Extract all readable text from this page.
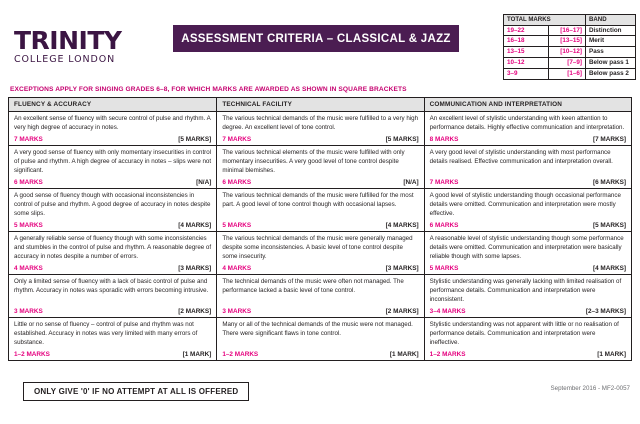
TRINITY
COLLEGE LONDON
ASSESSMENT CRITERIA – CLASSICAL & JAZZ
TOTAL MARKS		BAND
19–22	[16–17]	Distinction
16–18	[13–15]	Merit
13–15	[10–12]	Pass
10–12	[7–9]	Below pass 1
3–9	[1–6]	Below pass 2
EXCEPTIONS APPLY FOR SINGING GRADES 6–8, FOR WHICH MARKS ARE AWARDED AS SHOWN IN SQUARE BRACKETS
FLUENCY & ACCURACY	TECHNICAL FACILITY	COMMUNICATION AND INTERPRETATION
An excellent sense of fluency with secure control of pulse and rhythm. A very high degree of accuracy in notes.
7 MARKS	[5 MARKS]
The various technical demands of the music were fulfilled to a very high degree. An excellent level of tone control.
7 MARKS	[5 MARKS]
An excellent level of stylistic understanding with keen attention to performance details. Highly effective communication and interpretation.
8 MARKS	[7 MARKS]
A very good sense of fluency with only momentary insecurities in control of pulse and rhythm. A high degree of accuracy in notes – slips were not significant.
6 MARKS	[N/A]
The various technical elements of the music were fulfilled with only momentary insecurities. A very good level of tone control despite minimal blemishes.
6 MARKS	[N/A]
A very good level of stylistic understanding with most performance details realised. Effective communication and interpretation overall.
7 MARKS	[6 MARKS]
A good sense of fluency though with occasional inconsistencies in control of pulse and rhythm. A good degree of accuracy in notes despite some slips.
5 MARKS	[4 MARKS]
The various technical demands of the music were fulfilled for the most part. A good level of tone control though with occasional lapses.
5 MARKS	[4 MARKS]
A good level of stylistic understanding though occasional performance details were omitted. Communication and interpretation were mostly effective.
6 MARKS	[5 MARKS]
A generally reliable sense of fluency though with some inconsistencies and stumbles in the control of pulse and rhythm. A reasonable degree of accuracy in notes despite a number of errors.
4 MARKS	[3 MARKS]
The various technical demands of the music were generally managed despite some inconsistencies. A basic level of tone control despite some insecurity.
4 MARKS	[3 MARKS]
A reasonable level of stylistic understanding though some performance details were omitted. Communication and interpretation were basically reliable though with some lapses.
5 MARKS	[4 MARKS]
Only a limited sense of fluency with a lack of basic control of pulse and rhythm. Accuracy in notes was sporadic with errors becoming intrusive.
3 MARKS	[2 MARKS]
The technical demands of the music were often not managed. The performance lacked a basic level of tone control.
3 MARKS	[2 MARKS]
Stylistic understanding was generally lacking with limited realisation of performance details. Communication and interpretation were inconsistent.
3–4 MARKS	[2–3 MARKS]
Little or no sense of fluency – control of pulse and rhythm was not established. Accuracy in notes was very limited with many errors of substance.
1–2 MARKS	[1 MARK]
Many or all of the technical demands of the music were not managed. There were significant flaws in tone control.
1–2 MARKS	[1 MARK]
Stylistic understanding was not apparent with little or no realisation of performance details. Communication and interpretation were ineffective.
1–2 MARKS	[1 MARK]
ONLY GIVE '0' IF NO ATTEMPT AT ALL IS OFFERED	September 2016 - MF2-0057
